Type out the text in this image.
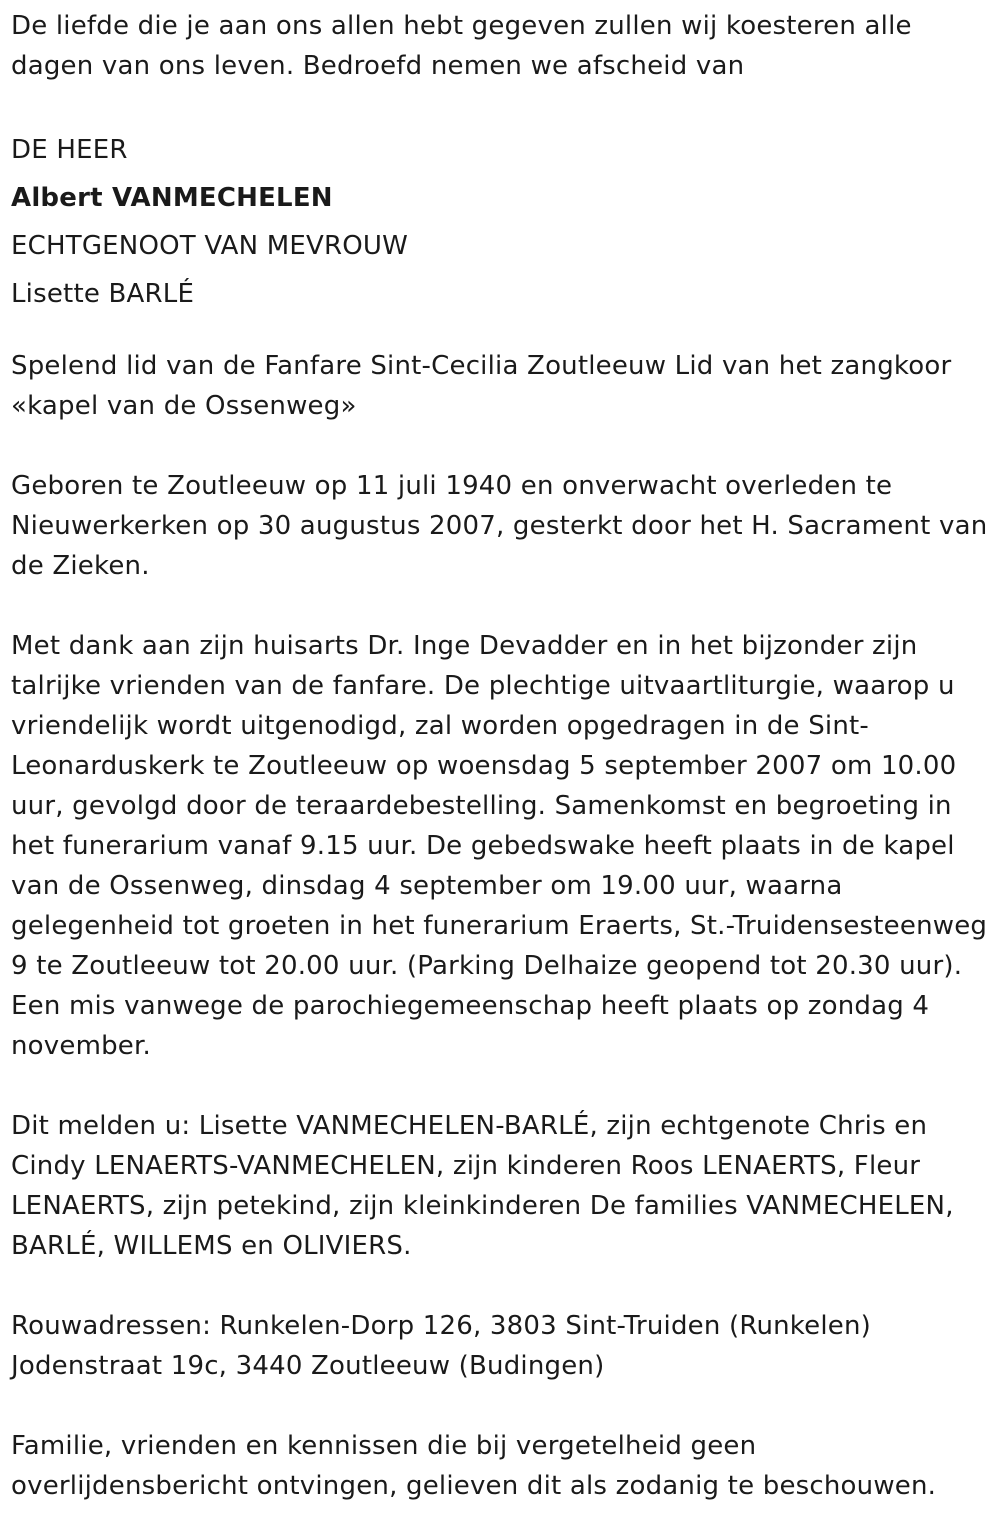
De liefde die je aan ons allen hebt gegeven zullen wij koesteren alle dagen van ons leven. Bedroefd nemen we afscheid van

DE HEER

Albert VANMECHELEN

ECHTGENOOT VAN MEVROUW

Lisette BARLÉ

Spelend lid van de Fanfare Sint-Cecilia Zoutleeuw Lid van het zangkoor «kapel van de Ossenweg»

Geboren te Zoutleeuw op 11 juli 1940 en onverwacht overleden te Nieuwerkerken op 30 augustus 2007, gesterkt door het H. Sacrament van de Zieken.

Met dank aan zijn huisarts Dr. Inge Devadder en in het bijzonder zijn talrijke vrienden van de fanfare. De plechtige uitvaartliturgie, waarop u vriendelijk wordt uitgenodigd, zal worden opgedragen in de Sint-Leonarduskerk te Zoutleeuw op woensdag 5 september 2007 om 10.00 uur, gevolgd door de teraardebestelling. Samenkomst en begroeting in het funerarium vanaf 9.15 uur. De gebedswake heeft plaats in de kapel van de Ossenweg, dinsdag 4 september om 19.00 uur, waarna gelegenheid tot groeten in het funerarium Eraerts, St.-Truidensesteenweg 9 te Zoutleeuw tot 20.00 uur. (Parking Delhaize geopend tot 20.30 uur). Een mis vanwege de parochiegemeenschap heeft plaats op zondag 4 november.

Dit melden u: Lisette VANMECHELEN-BARLÉ, zijn echtgenote Chris en Cindy LENAERTS-VANMECHELEN, zijn kinderen Roos LENAERTS, Fleur LENAERTS, zijn petekind, zijn kleinkinderen De families VANMECHELEN, BARLÉ, WILLEMS en OLIVIERS.

Rouwadressen: Runkelen-Dorp 126, 3803 Sint-Truiden (Runkelen)

Jodenstraat 19c, 3440 Zoutleeuw (Budingen)

Familie, vrienden en kennissen die bij vergetelheid geen overlijdensbericht ontvingen, gelieven dit als zodanig te beschouwen.
